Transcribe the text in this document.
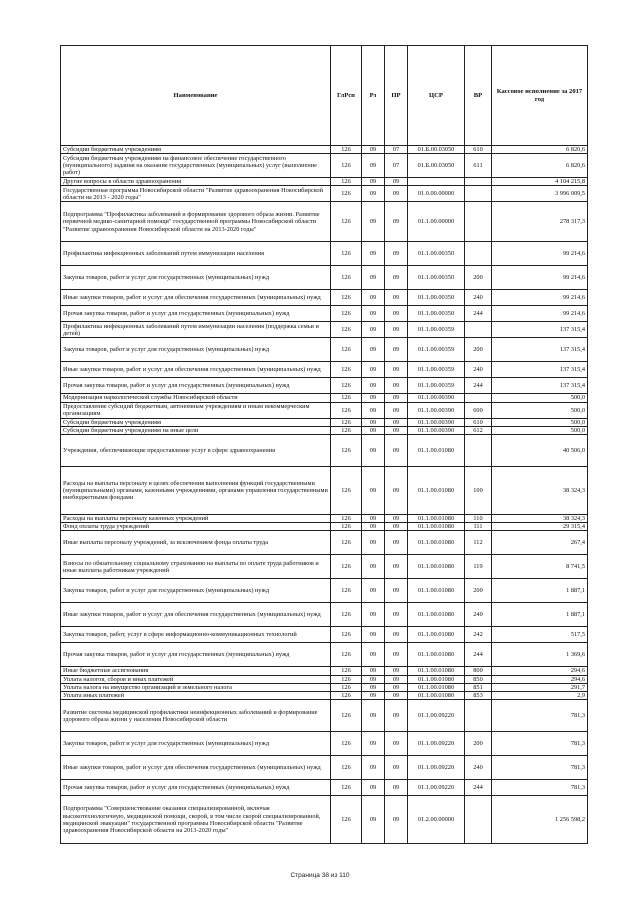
Наименование	ГлРсп	Рз	ПР	ЦСР	ВР	Кассовое исполнение за 2017 год
Субсидии бюджетным учреждениям	126	09	07	01.Б.00.03050	610	6 820,6
Субсидии бюджетным учреждениям на финансовое обеспечение государственного (муниципального) задания на оказание государственных (муниципальных) услуг (выполнение работ)	126	09	07	01.Б.00.03050	611	6 820,6
Другие вопросы в области здравоохранения	126	09	09			4 104 215,8
Государственная программа Новосибирской области "Развитие здравоохранения Новосибирской области на 2013 - 2020 годы"	126	09	09	01.0.00.00000		3 996 009,5
Подпрограмма "Профилактика заболеваний и формирование здорового образа жизни. Развитие первичной медико-санитарной помощи" государственной программы Новосибирской области "Развитие здравоохранения Новосибирской области на 2013-2020 годы"	126	09	09	01.1.00.00000		278 317,3
Профилактика инфекционных заболеваний путем иммунизации населения	126	09	09	01.1.00.00350		99 214,6
Закупка товаров, работ и услуг для государственных (муниципальных) нужд	126	09	09	01.1.00.00350	200	99 214,6
Иные закупки товаров, работ и услуг для обеспечения государственных (муниципальных) нужд	126	09	09	01.1.00.00350	240	99 214,6
Прочая закупка товаров, работ и услуг для государственных (муниципальных) нужд	126	09	09	01.1.00.00350	244	99 214,6
Профилактика инфекционных заболеваний путем иммунизации населения (поддержка семьи и детей)	126	09	09	01.1.00.00359		137 315,4
Закупка товаров, работ и услуг для государственных (муниципальных) нужд	126	09	09	01.1.00.00359	200	137 315,4
Иные закупки товаров, работ и услуг для обеспечения государственных (муниципальных) нужд	126	09	09	01.1.00.00359	240	137 315,4
Прочая закупка товаров, работ и услуг для государственных (муниципальных) нужд	126	09	09	01.1.00.00359	244	137 315,4
Модернизация наркологической службы Новосибирской области	126	09	09	01.1.00.00390		500,0
Предоставление субсидий бюджетным, автономным учреждениям и иным некоммерческим организациям	126	09	09	01.1.00.00390	600	500,0
Субсидии бюджетным учреждениям	126	09	09	01.1.00.00390	610	500,0
Субсидии бюджетным учреждениям на иные цели	126	09	09	01.1.00.00390	612	500,0
Учреждения, обеспечивающие предоставление услуг в сфере здравоохранения	126	09	09	01.1.00.01080		40 506,0
Расходы на выплаты персоналу в целях обеспечения выполнения функций государственными (муниципальными) органами, казенными учреждениями, органами управления государственными внебюджетными фондами	126	09	09	01.1.00.01080	100	38 324,3
Расходы на выплаты персоналу казенных учреждений	126	09	09	01.1.00.01080	110	38 324,3
Фонд оплаты труда учреждений	126	09	09	01.1.00.01080	111	29 315,4
Иные выплаты персоналу учреждений, за исключением фонда оплаты труда	126	09	09	01.1.00.01080	112	267,4
Взносы по обязательному социальному страхованию на выплаты по оплате труда работников и иные выплаты работникам учреждений	126	09	09	01.1.00.01080	119	8 741,5
Закупка товаров, работ и услуг для государственных (муниципальных) нужд	126	09	09	01.1.00.01080	200	1 887,1
Иные закупки товаров, работ и услуг для обеспечения государственных (муниципальных) нужд	126	09	09	01.1.00.01080	240	1 887,1
Закупка товаров, работ, услуг в сфере информационно-коммуникационных технологий	126	09	09	01.1.00.01080	242	517,5
Прочая закупка товаров, работ и услуг для государственных (муниципальных) нужд	126	09	09	01.1.00.01080	244	1 369,6
Иные бюджетные ассигнования	126	09	09	01.1.00.01080	800	294,6
Уплата налогов, сборов и иных платежей	126	09	09	01.1.00.01080	850	294,6
Уплата налога на имущество организаций и земельного налога	126	09	09	01.1.00.01080	851	291,7
Уплата иных платежей	126	09	09	01.1.00.01080	853	2,9
Развитие системы медицинской профилактики неинфекционных заболеваний и формирование здорового образа жизни у населения Новосибирской области	126	09	09	01.1.00.09220		781,3
Закупка товаров, работ и услуг для государственных (муниципальных) нужд	126	09	09	01.1.00.09220	200	781,3
Иные закупки товаров, работ и услуг для обеспечения государственных (муниципальных) нужд	126	09	09	01.1.00.09220	240	781,3
Прочая закупка товаров, работ и услуг для государственных (муниципальных) нужд	126	09	09	01.1.00.09220	244	781,3
Подпрограмма "Совершенствование оказания специализированной, включая высокотехнологичную, медицинской помощи, скорой, в том числе скорой специализированной, медицинской эвакуации" государственной программы Новосибирской области "Развитие здравоохранения Новосибирской области на 2013-2020 годы"	126	09	09	01.2.00.00000		1 256 598,2
Страница 38 из 110
